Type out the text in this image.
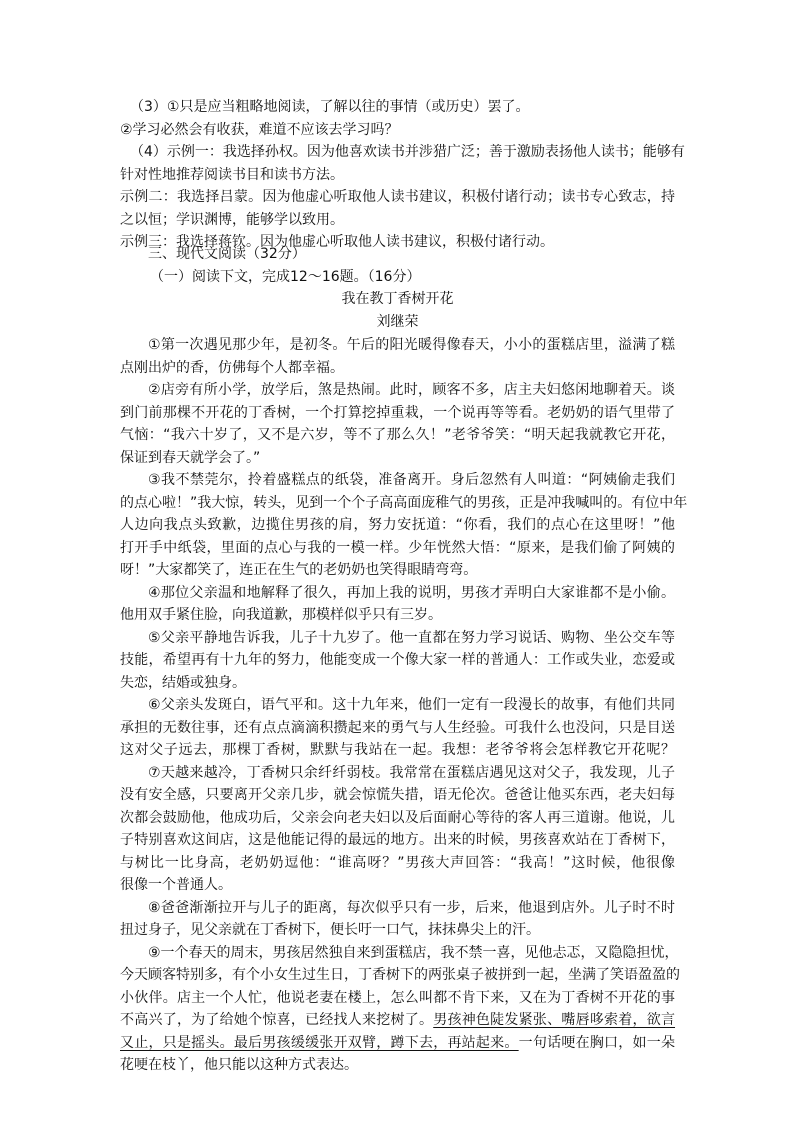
（3）①只是应当粗略地阅读，了解以往的事情（或历史）罢了。
②学习必然会有收获，难道不应该去学习吗？
（4）示例一：我选择孙权。因为他喜欢读书并涉猎广泛；善于激励表扬他人读书；能够有
针对性地推荐阅读书目和读书方法。
示例二：我选择吕蒙。因为他虚心听取他人读书建议，积极付诸行动；读书专心致志，持
之以恒；学识渊博，能够学以致用。
示例三：我选择蒋钦。因为他虚心听取他人读书建议，积极付诸行动。
三、现代文阅读（32分）
（一）阅读下文，完成12～16题。（16分）
我在教丁香树开花
刘继荣
①第一次遇见那少年，是初冬。午后的阳光暖得像春天，小小的蛋糕店里，溢满了糕
点刚出炉的香，仿佛每个人都幸福。
②店旁有所小学，放学后，煞是热闹。此时，顾客不多，店主夫妇悠闲地聊着天。谈
到门前那棵不开花的丁香树，一个打算挖掉重栽，一个说再等等看。老奶奶的语气里带了
气恼：“我六十岁了，又不是六岁，等不了那么久！”老爷爷笑：“明天起我就教它开花，
保证到春天就学会了。”
③我不禁莞尔，拎着盛糕点的纸袋，准备离开。身后忽然有人叫道：“阿姨偷走我们
的点心啦！”我大惊，转头，见到一个个子高高面庞稚气的男孩，正是冲我喊叫的。有位中年
人边向我点头致歉，边揽住男孩的肩，努力安抚道：“你看，我们的点心在这里呀！”他
打开手中纸袋，里面的点心与我的一模一样。少年恍然大悟：“原来，是我们偷了阿姨的
呀！”大家都笑了，连正在生气的老奶奶也笑得眼睛弯弯。
④那位父亲温和地解释了很久，再加上我的说明，男孩才弄明白大家谁都不是小偷。
他用双手紧住脸，向我道歉，那模样似乎只有三岁。
⑤父亲平静地告诉我，儿子十九岁了。他一直都在努力学习说话、购物、坐公交车等
技能，希望再有十九年的努力，他能变成一个像大家一样的普通人：工作或失业，恋爱或
失恋，结婚或独身。
⑥父亲头发斑白，语气平和。这十九年来，他们一定有一段漫长的故事，有他们共同
承担的无数往事，还有点点滴滴积攒起来的勇气与人生经验。可我什么也没问，只是目送
这对父子远去，那棵丁香树，默默与我站在一起。我想：老爷爷将会怎样教它开花呢？
⑦天越来越冷，丁香树只余纤纤弱枝。我常常在蛋糕店遇见这对父子，我发现，儿子
没有安全感，只要离开父亲几步，就会惊慌失措，语无伦次。爸爸让他买东西，老夫妇每
次都会鼓励他，他成功后，父亲会向老夫妇以及后面耐心等待的客人再三道谢。他说，儿
子特别喜欢这间店，这是他能记得的最远的地方。出来的时候，男孩喜欢站在丁香树下，
与树比一比身高，老奶奶逗他：“谁高呀？”男孩大声回答：“我高！”这时候，他很像
很像一个普通人。
⑧爸爸渐渐拉开与儿子的距离，每次似乎只有一步，后来，他退到店外。儿子时不时
扭过身子，见父亲就在丁香树下，便长吁一口气，抹抹鼻尖上的汗。
⑨一个春天的周末，男孩居然独自来到蛋糕店，我不禁一喜，见他忐忑，又隐隐担忧，
今天顾客特别多，有个小女生过生日，丁香树下的两张桌子被拼到一起，坐满了笑语盈盈的
小伙伴。店主一个人忙，他说老妻在楼上，怎么叫都不肯下来，又在为丁香树不开花的事
不高兴了，为了给她个惊喜，已经找人来挖树了。男孩神色陡发紧张、嘴唇哆索着，欲言
又止，只是摇头。最后男孩缓缓张开双臂，蹲下去，再站起来。一句话哽在胸口，如一朵
花哽在枝丫，他只能以这种方式表达。
